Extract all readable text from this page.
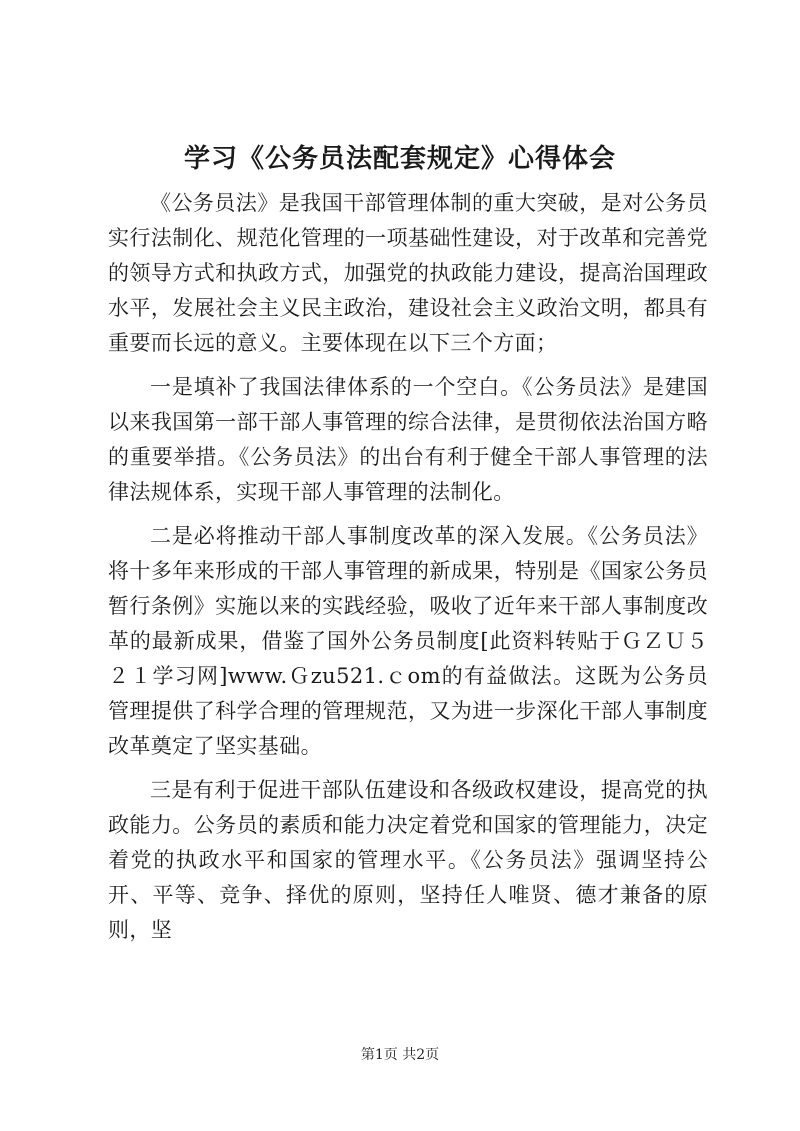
学习《公务员法配套规定》心得体会

《公务员法》是我国干部管理体制的重大突破，是对公务员实行法制化、规范化管理的一项基础性建设，对于改革和完善党的领导方式和执政方式，加强党的执政能力建设，提高治国理政水平，发展社会主义民主政治，建设社会主义政治文明，都具有重要而长远的意义。主要体现在以下三个方面；

一是填补了我国法律体系的一个空白。《公务员法》是建国以来我国第一部干部人事管理的综合法律，是贯彻依法治国方略的重要举措。《公务员法》的出台有利于健全干部人事管理的法律法规体系，实现干部人事管理的法制化。

二是必将推动干部人事制度改革的深入发展。《公务员法》将十多年来形成的干部人事管理的新成果，特别是《国家公务员暂行条例》实施以来的实践经验，吸收了近年来干部人事制度改革的最新成果，借鉴了国外公务员制度[此资料转贴于ＧＺＵ５２１学习网]www.Ｇzu521.ｃom的有益做法。这既为公务员管理提供了科学合理的管理规范，又为进一步深化干部人事制度改革奠定了坚实基础。

三是有利于促进干部队伍建设和各级政权建设，提高党的执政能力。公务员的素质和能力决定着党和国家的管理能力，决定着党的执政水平和国家的管理水平。《公务员法》强调坚持公开、平等、竞争、择优的原则，坚持任人唯贤、德才兼备的原则，坚

第1页 共2页
